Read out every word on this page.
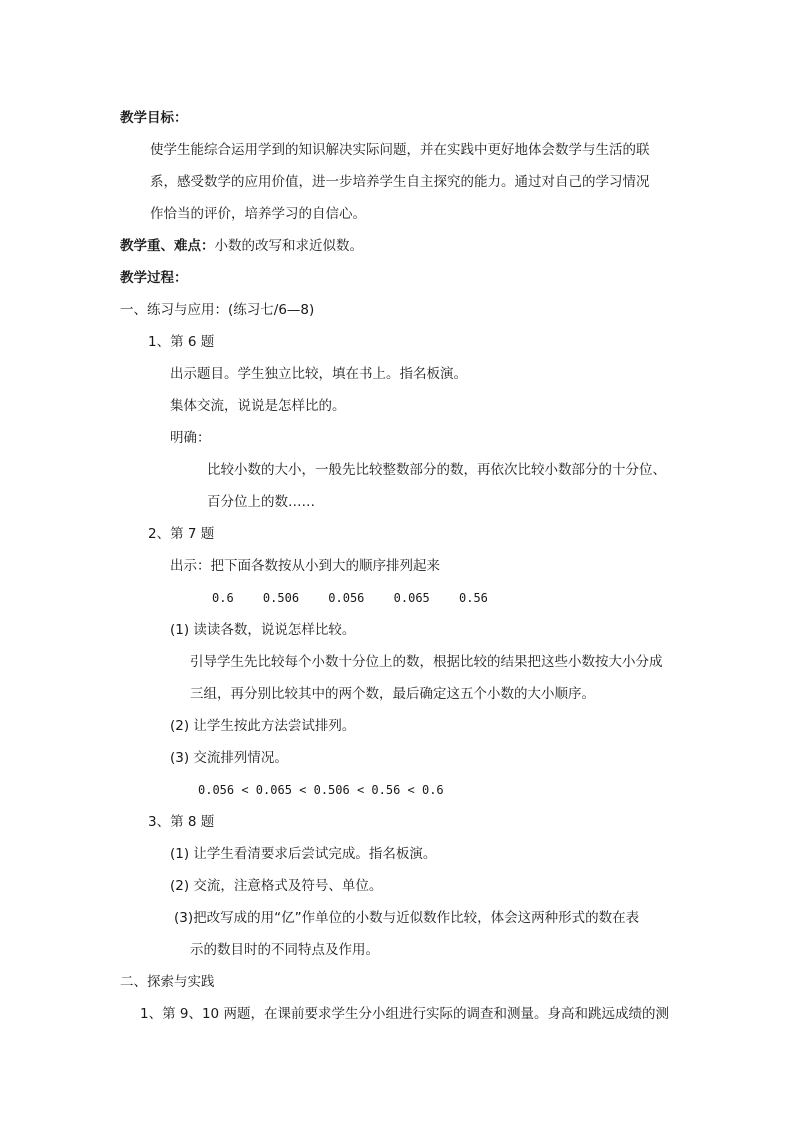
教学目标：
使学生能综合运用学到的知识解决实际问题，并在实践中更好地体会数学与生活的联
系，感受数学的应用价值，进一步培养学生自主探究的能力。通过对自己的学习情况
作恰当的评价，培养学习的自信心。
教学重、难点：小数的改写和求近似数。
教学过程：
一、练习与应用：(练习七/6—8)
1、第 6 题
出示题目。学生独立比较，填在书上。指名板演。
集体交流，说说是怎样比的。
明确：
比较小数的大小，一般先比较整数部分的数，再依次比较小数部分的十分位、
百分位上的数……
2、第 7 题
出示：把下面各数按从小到大的顺序排列起来
0.6 0.506 0.056 0.065 0.56
(1) 读读各数，说说怎样比较。
引导学生先比较每个小数十分位上的数，根据比较的结果把这些小数按大小分成
三组，再分别比较其中的两个数，最后确定这五个小数的大小顺序。
(2) 让学生按此方法尝试排列。
(3) 交流排列情况。
0.056 < 0.065 < 0.506 < 0.56 < 0.6
3、第 8 题
(1) 让学生看清要求后尝试完成。指名板演。
(2) 交流，注意格式及符号、单位。
(3)把改写成的用“亿”作单位的小数与近似数作比较，体会这两种形式的数在表
示的数目时的不同特点及作用。
二、探索与实践
1、第 9、10 两题，在课前要求学生分小组进行实际的调查和测量。身高和跳远成绩的测
